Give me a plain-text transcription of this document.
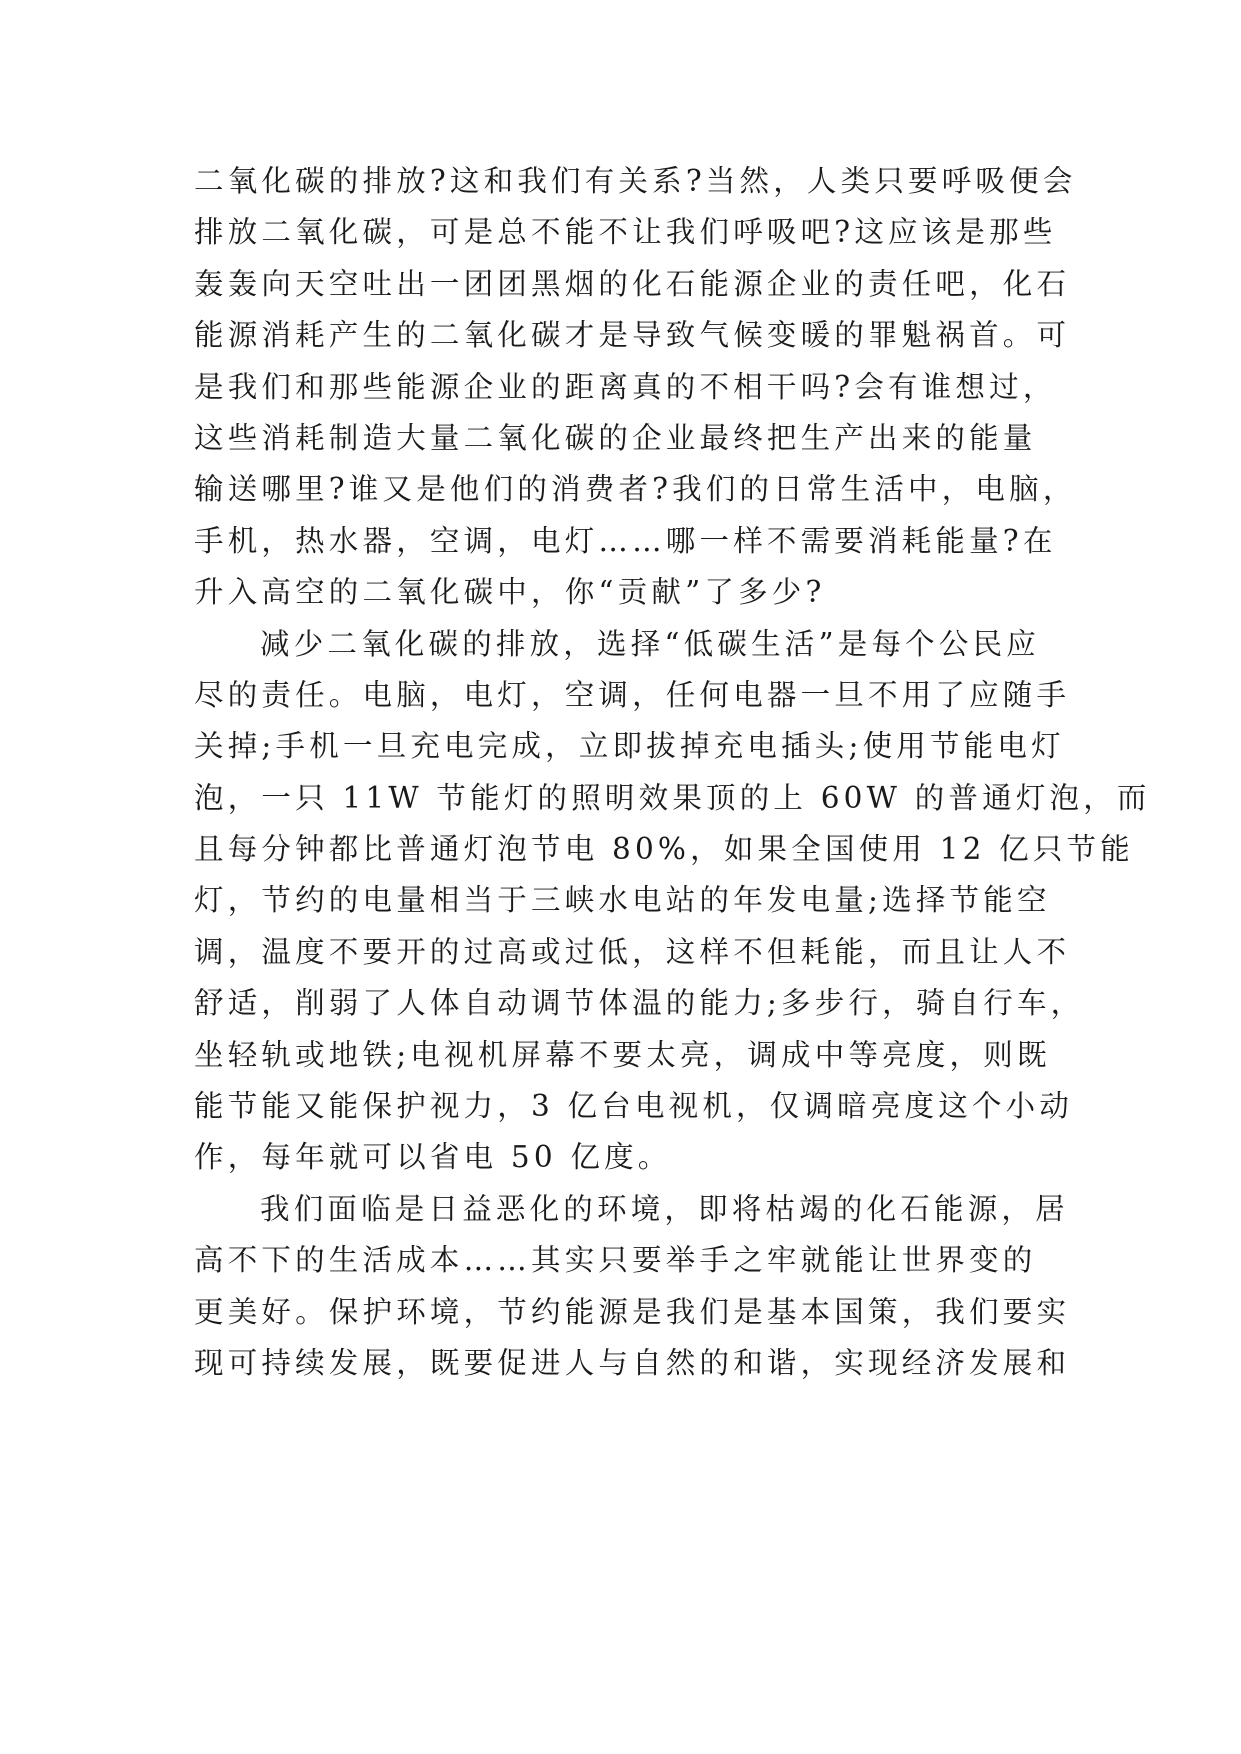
二氧化碳的排放?这和我们有关系?当然，人类只要呼吸便会
排放二氧化碳，可是总不能不让我们呼吸吧?这应该是那些
轰轰向天空吐出一团团黑烟的化石能源企业的责任吧，化石
能源消耗产生的二氧化碳才是导致气候变暖的罪魁祸首。可
是我们和那些能源企业的距离真的不相干吗?会有谁想过，
这些消耗制造大量二氧化碳的企业最终把生产出来的能量
输送哪里?谁又是他们的消费者?我们的日常生活中，电脑，
手机，热水器，空调，电灯……哪一样不需要消耗能量?在
升入高空的二氧化碳中，你“贡献”了多少?
减少二氧化碳的排放，选择“低碳生活”是每个公民应
尽的责任。电脑，电灯，空调，任何电器一旦不用了应随手
关掉;手机一旦充电完成，立即拔掉充电插头;使用节能电灯
泡，一只 11W 节能灯的照明效果顶的上 60W 的普通灯泡，而
且每分钟都比普通灯泡节电 80%，如果全国使用 12 亿只节能
灯，节约的电量相当于三峡水电站的年发电量;选择节能空
调，温度不要开的过高或过低，这样不但耗能，而且让人不
舒适，削弱了人体自动调节体温的能力;多步行，骑自行车，
坐轻轨或地铁;电视机屏幕不要太亮，调成中等亮度，则既
能节能又能保护视力，3 亿台电视机，仅调暗亮度这个小动
作，每年就可以省电 50 亿度。
我们面临是日益恶化的环境，即将枯竭的化石能源，居
高不下的生活成本……其实只要举手之牢就能让世界变的
更美好。保护环境，节约能源是我们是基本国策，我们要实
现可持续发展，既要促进人与自然的和谐，实现经济发展和
